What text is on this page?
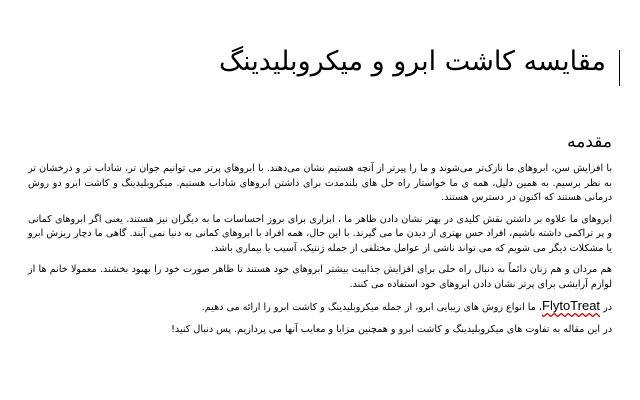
مقایسه کاشت ابرو و میکروبلیدینگ
مقدمه

با افزایش سن، ابروهای ما نازک‌تر می‌شوند و ما را پیرتر از آنچه هستیم نشان می‌دهند. با ابروهای پرتر می توانیم جوان تر، شاداب تر و درخشان تر به نظر برسیم. به همین دلیل، همه ی ما خواستار راه حل های بلندمدت برای داشتن ابروهای شاداب هستیم. میکروبلیدینگ و کاشت ابرو دو روش درمانی هستند که اکنون در دسترس هستند.

ابروهای ما علاوه بر داشتن نقش کلیدی در بهتر نشان دادن ظاهر ما ، ابزاری برای بروز احساسات ما به دیگران نیز هستند. یعنی اگر ابروهای کمانی و پر تراکمی داشته باشیم، افراد حس بهتری از دیدن ما می گیرند. با این حال، همه افراد با ابروهای کمانی به دنیا نمی آیند. گاهی ما دچار ریزش ابرو یا مشکلات دیگر می شویم که می تواند ناشی از عوامل مختلفی از جمله ژنتیک، آسیب یا بیماری باشد.

هم مردان و هم زنان دائماً به دنبال راه حلی برای افزایش جذابیت بیشتر ابروهای خود هستند تا ظاهر صورت خود را بهبود بخشند. معمولا خانم ها از لوازم آرایشی برای پرتر نشان دادن ابروهای خود استفاده می کنند.

در FlytoTreat، ما انواع روش های زیبایی ابرو، از جمله میکروبلیدینگ و کاشت ابرو را ارائه می دهیم.

در این مقاله به تفاوت های میکروبلیدینگ و کاشت ابرو و همچنین مزایا و معایب آنها می پردازیم. پس دنبال کنید!
